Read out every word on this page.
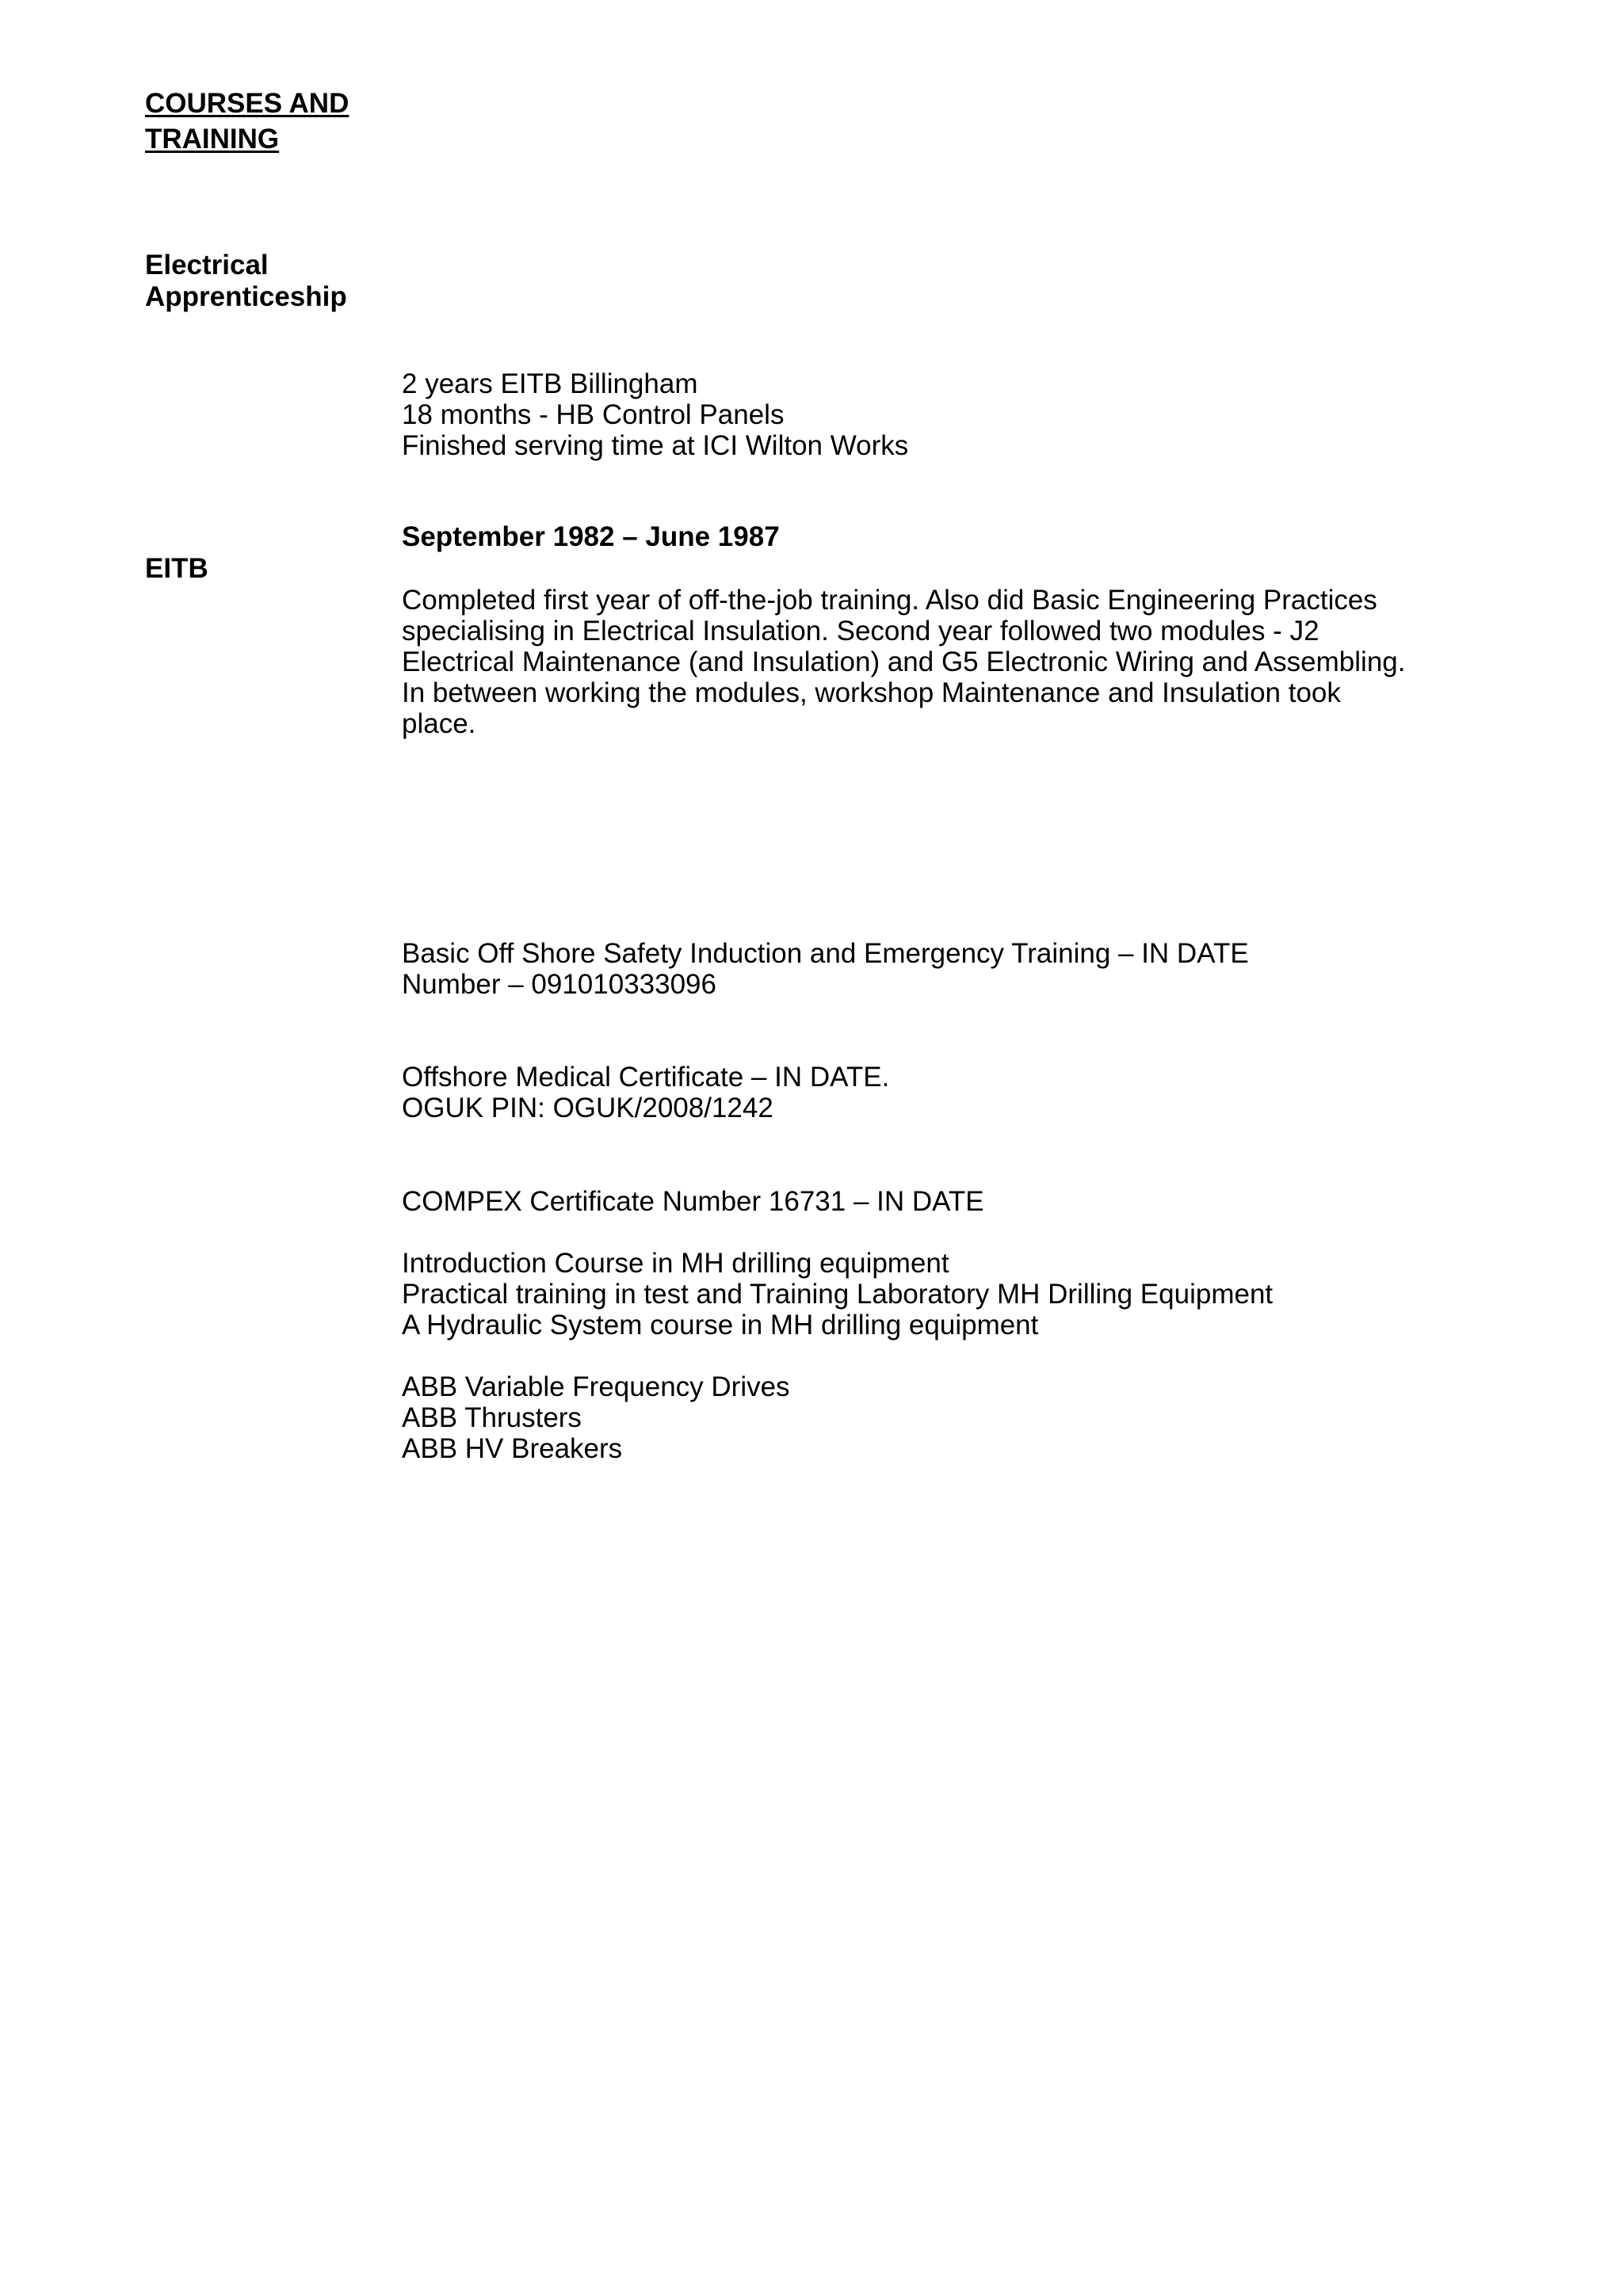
COURSES AND
TRAINING
Electrical
Apprenticeship
2 years EITB Billingham
18 months - HB Control Panels
Finished serving time at ICI Wilton Works
September 1982 – June 1987
EITB
Completed first year of off-the-job training. Also did Basic Engineering Practices specialising in Electrical Insulation. Second year followed two modules - J2 Electrical Maintenance (and Insulation) and G5 Electronic Wiring and Assembling. In between working the modules, workshop Maintenance and Insulation took place.
Basic Off Shore Safety Induction and Emergency Training – IN DATE
Number – 091010333096
Offshore Medical Certificate – IN DATE.
OGUK PIN: OGUK/2008/1242
COMPEX Certificate Number 16731 – IN DATE
Introduction Course in MH drilling equipment
Practical training in test and Training Laboratory MH Drilling Equipment
A Hydraulic System course in MH drilling equipment
ABB Variable Frequency Drives
ABB Thrusters
ABB HV Breakers
